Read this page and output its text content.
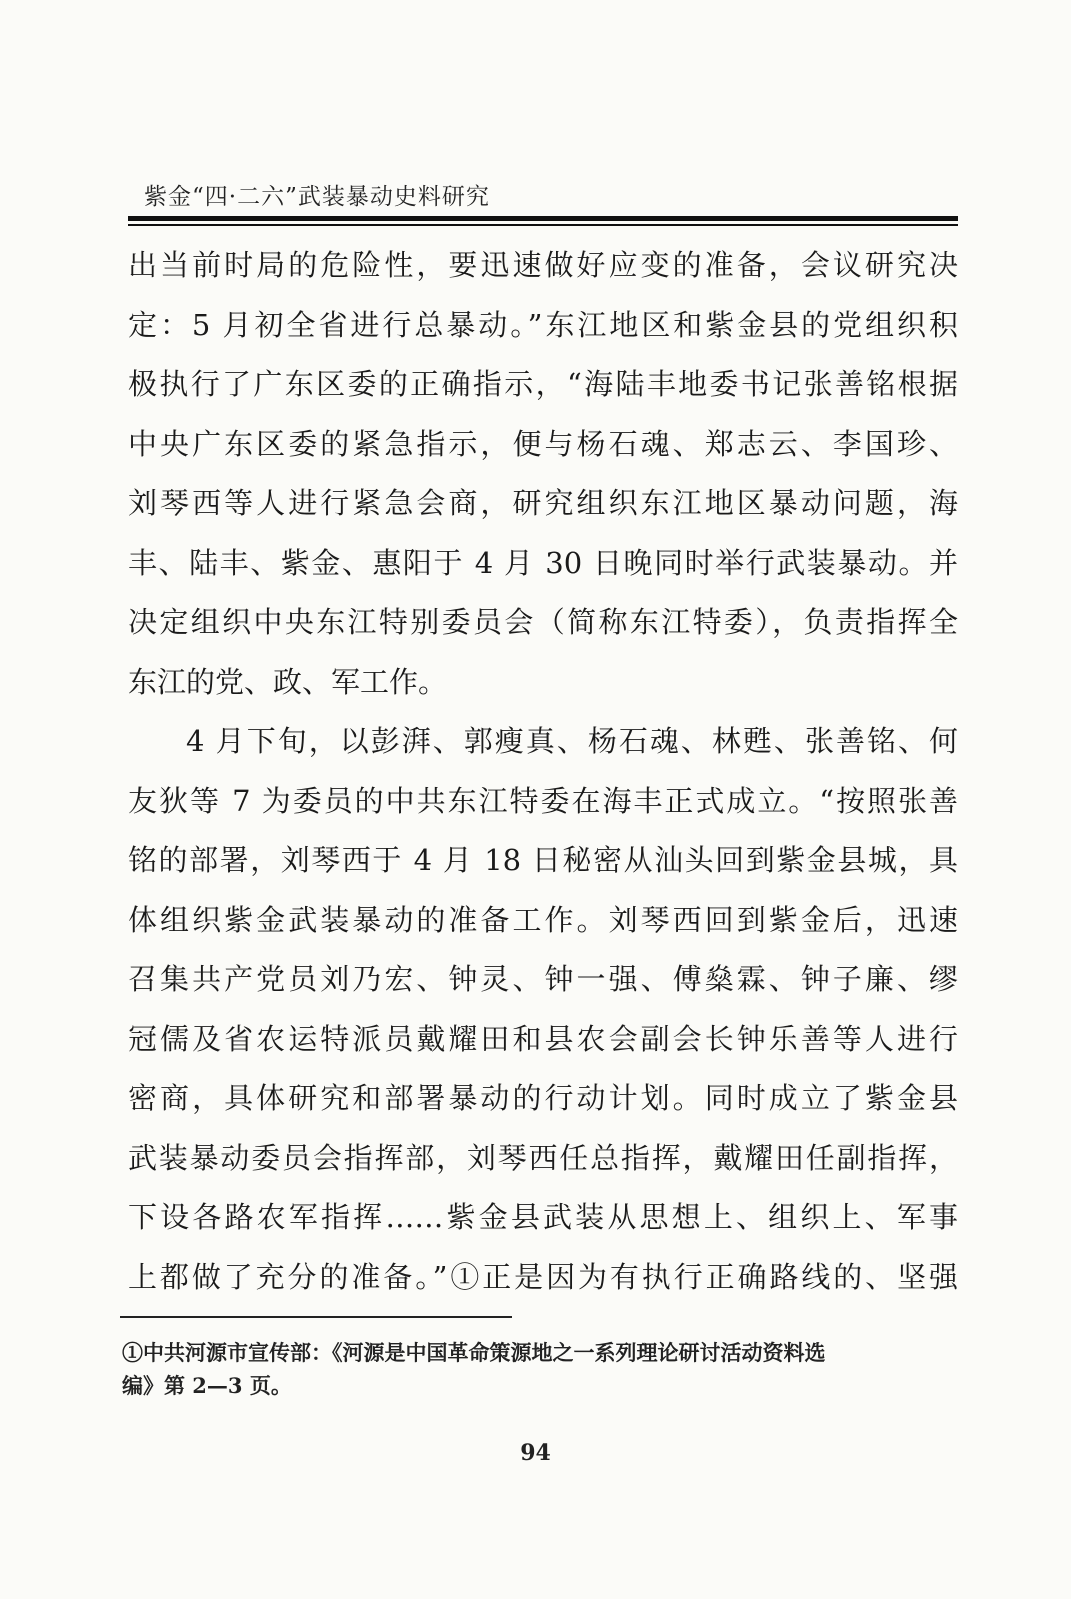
紫金“四·二六”武装暴动史料研究
出当前时局的危险性，要迅速做好应变的准备，会议研究决
定：5 月初全省进行总暴动。”东江地区和紫金县的党组织积
极执行了广东区委的正确指示，“海陆丰地委书记张善铭根据
中央广东区委的紧急指示，便与杨石魂、郑志云、李国珍、
刘琴西等人进行紧急会商，研究组织东江地区暴动问题，海
丰、陆丰、紫金、惠阳于 4 月 30 日晚同时举行武装暴动。并
决定组织中央东江特别委员会（简称东江特委），负责指挥全
东江的党、政、军工作。
4 月下旬，以彭湃、郭瘦真、杨石魂、林甦、张善铭、何
友狄等 7 为委员的中共东江特委在海丰正式成立。“按照张善
铭的部署，刘琴西于 4 月 18 日秘密从汕头回到紫金县城，具
体组织紫金武装暴动的准备工作。刘琴西回到紫金后，迅速
召集共产党员刘乃宏、钟灵、钟一强、傅燊霖、钟子廉、缪
冠儒及省农运特派员戴耀田和县农会副会长钟乐善等人进行
密商，具体研究和部署暴动的行动计划。同时成立了紫金县
武装暴动委员会指挥部，刘琴西任总指挥，戴耀田任副指挥，
下设各路农军指挥……紫金县武装从思想上、组织上、军事
上都做了充分的准备。”①正是因为有执行正确路线的、坚强
①中共河源市宣传部：《河源是中国革命策源地之一系列理论研讨活动资料选
编》第 2—3 页。
94
